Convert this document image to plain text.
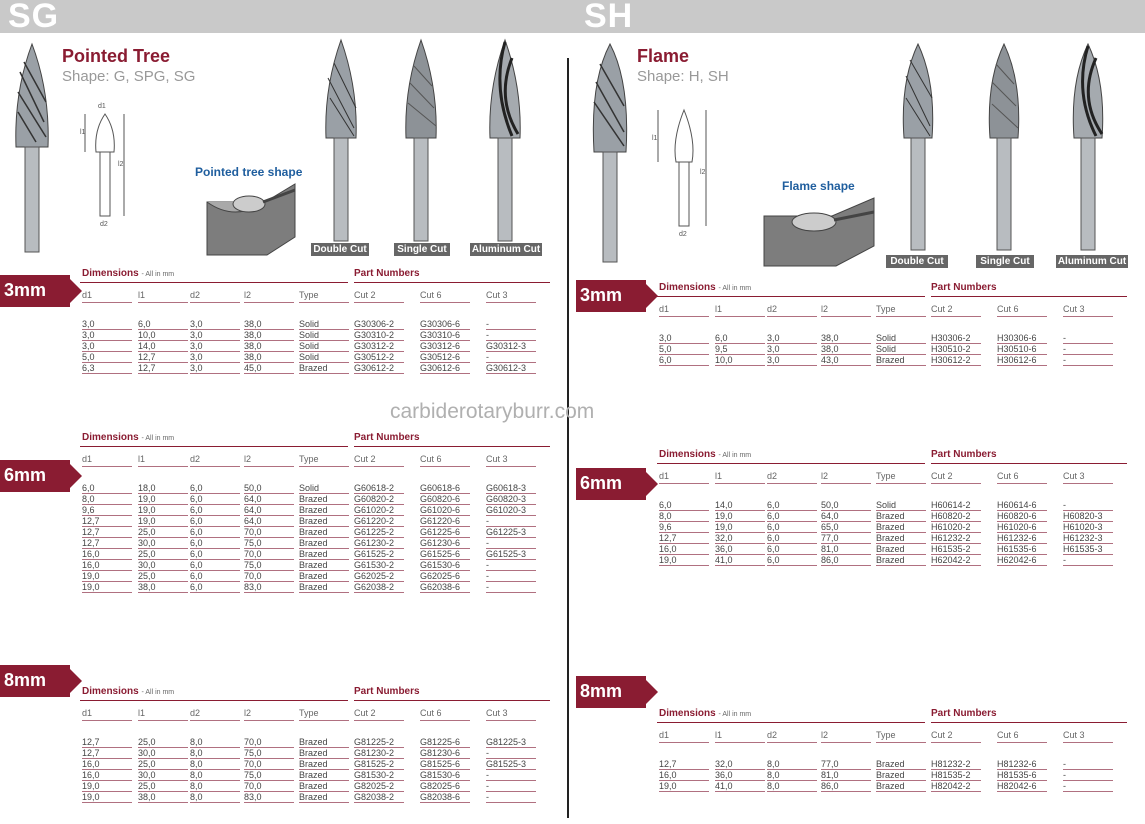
SG	SH
Pointed Tree
Shape: G, SPG, SG
d1
l1
l2
d2
Pointed tree shape
Double Cut	Single Cut	Aluminum Cut
Flame
Shape: H, SH
l1
l2
d2
Flame shape
Double Cut	Single Cut	Aluminum Cut
carbiderotaryburr.com
3mm
6mm
8mm
3mm
6mm
8mm
Dimensions - All in mm	Part Numbers
d1	l1	d2	l2	Type	Cut 2	Cut 6	Cut 3
3,0	6,0	3,0	38,0	Solid	G30306-2	G30306-6	-
3,0	10,0	3,0	38,0	Solid	G30310-2	G30310-6	-
3,0	14,0	3,0	38,0	Solid	G30312-2	G30312-6	G30312-3
5,0	12,7	3,0	38,0	Solid	G30512-2	G30512-6	-
6,3	12,7	3,0	45,0	Brazed	G30612-2	G30612-6	G30612-3
Dimensions - All in mm	Part Numbers
d1	l1	d2	l2	Type	Cut 2	Cut 6	Cut 3
6,0	18,0	6,0	50,0	Solid	G60618-2	G60618-6	G60618-3
8,0	19,0	6,0	64,0	Brazed	G60820-2	G60820-6	G60820-3
9,6	19,0	6,0	64,0	Brazed	G61020-2	G61020-6	G61020-3
12,7	19,0	6,0	64,0	Brazed	G61220-2	G61220-6	-
12,7	25,0	6,0	70,0	Brazed	G61225-2	G61225-6	G61225-3
12,7	30,0	6,0	75,0	Brazed	G61230-2	G61230-6	-
16,0	25,0	6,0	70,0	Brazed	G61525-2	G61525-6	G61525-3
16,0	30,0	6,0	75,0	Brazed	G61530-2	G61530-6	-
19,0	25,0	6,0	70,0	Brazed	G62025-2	G62025-6	-
19,0	38,0	6,0	83,0	Brazed	G62038-2	G62038-6	-
Dimensions - All in mm	Part Numbers
d1	l1	d2	l2	Type	Cut 2	Cut 6	Cut 3
12,7	25,0	8,0	70,0	Brazed	G81225-2	G81225-6	G81225-3
12,7	30,0	8,0	75,0	Brazed	G81230-2	G81230-6	-
16,0	25,0	8,0	70,0	Brazed	G81525-2	G81525-6	G81525-3
16,0	30,0	8,0	75,0	Brazed	G81530-2	G81530-6	-
19,0	25,0	8,0	70,0	Brazed	G82025-2	G82025-6	-
19,0	38,0	8,0	83,0	Brazed	G82038-2	G82038-6	-
Dimensions - All in mm	Part Numbers
d1	l1	d2	l2	Type	Cut 2	Cut 6	Cut 3
3,0	6,0	3,0	38,0	Solid	H30306-2	H30306-6	-
5,0	9,5	3,0	38,0	Solid	H30510-2	H30510-6	-
6,0	10,0	3,0	43,0	Brazed	H30612-2	H30612-6	-
Dimensions - All in mm	Part Numbers
d1	l1	d2	l2	Type	Cut 2	Cut 6	Cut 3
6,0	14,0	6,0	50,0	Solid	H60614-2	H60614-6	-
8,0	19,0	6,0	64,0	Brazed	H60820-2	H60820-6	H60820-3
9,6	19,0	6,0	65,0	Brazed	H61020-2	H61020-6	H61020-3
12,7	32,0	6,0	77,0	Brazed	H61232-2	H61232-6	H61232-3
16,0	36,0	6,0	81,0	Brazed	H61535-2	H61535-6	H61535-3
19,0	41,0	6,0	86,0	Brazed	H62042-2	H62042-6	-
Dimensions - All in mm	Part Numbers
d1	l1	d2	l2	Type	Cut 2	Cut 6	Cut 3
12,7	32,0	8,0	77,0	Brazed	H81232-2	H81232-6	-
16,0	36,0	8,0	81,0	Brazed	H81535-2	H81535-6	-
19,0	41,0	8,0	86,0	Brazed	H82042-2	H82042-6	-
